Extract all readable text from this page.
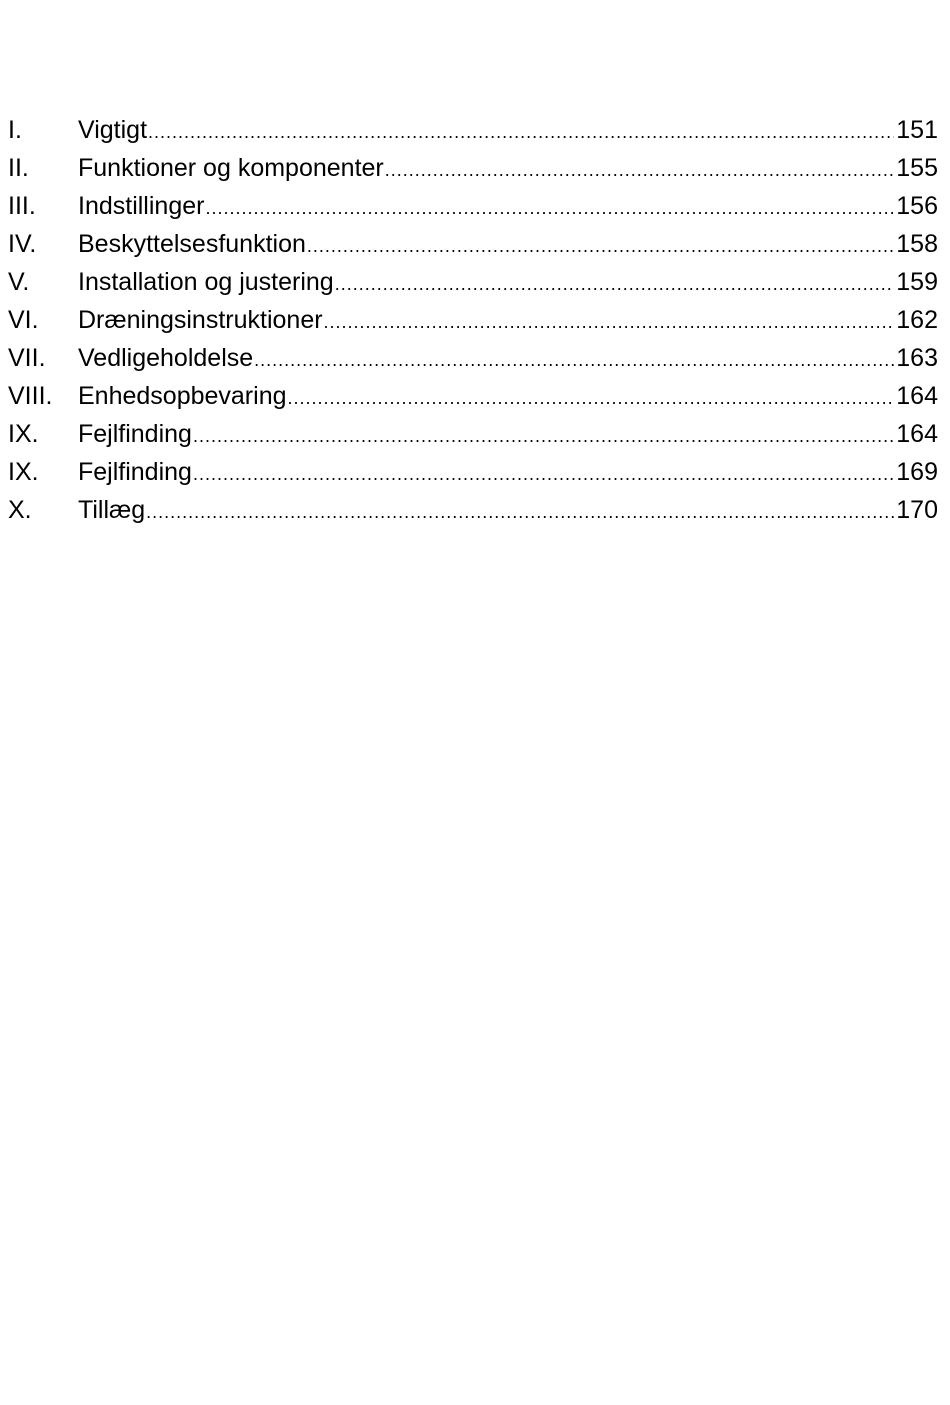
I.	Vigtigt .....	151
II.	Funktioner og komponenter .....	155
III.	Indstillinger .....	156
IV.	Beskyttelsesfunktion .....	158
V.	Installation og justering .....	159
VI.	Dræningsinstruktioner .....	162
VII.	Vedligeholdelse .....	163
VIII.	Enhedsopbevaring .....	164
IX.	Fejlfinding .....	164
IX.	Fejlfinding .....	169
X.	Tillæg .....	170
